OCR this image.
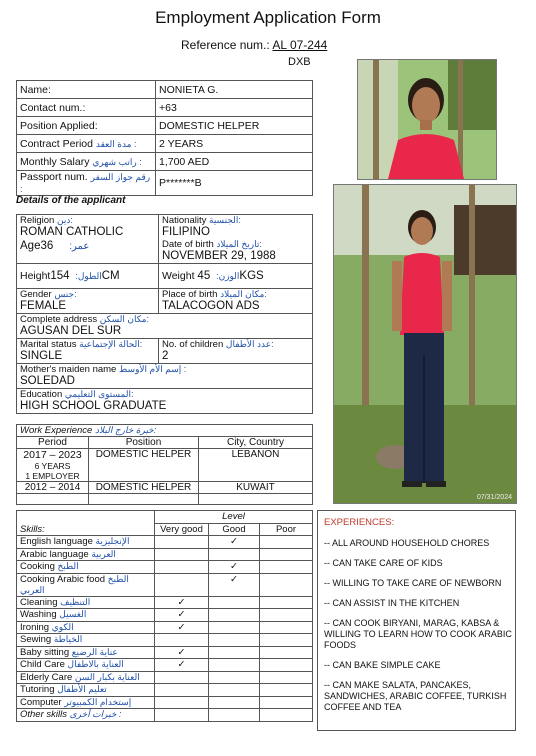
Employment Application Form
Reference num.: AL 07-244
DXB
Name:	NONIETA G.
Contact num.:	+63
Position Applied:	DOMESTIC HELPER
Contract Period مدة العقد :	2 YEARS
Monthly Salary راتب شهري :	1,700 AED
Passport num. رقم جواز السفر :	P*******B
Details of the applicant
Religion دين:
ROMAN CATHOLIC
Age عمر:     36	Nationality الجنسية:
FILIPINO
Date of birth تاريخ الميلاد:
NOVEMBER 29, 1988

Height الطول:  154CM	Weight الوزن:  45KGS

Gender جنس:
FEMALE	Place of birth مكان الميلاد:
TALACOGON ADS

Complete address مكان السكن:
AGUSAN DEL SUR	

Marital status الحالة الإجتماعية:
SINGLE	No. of children عدد الأطفال:
2

Mother's maiden name إسم الأم الأوسط :
SOLEDAD	

Education المستوى التعليمي:
HIGH SCHOOL GRADUATE	
Work Experience خبرة خارج البلاد:		
Period	Position	City, Country

2017 – 2023
6 YEARS
1 EMPLOYER	DOMESTIC HELPER	LEBANON
2012 – 2014	DOMESTIC HELPER	KUWAIT

Skills:	Level		
	Very good	Good	Poor
English language الإنجليزية		✓	
Arabic language العربية			
Cooking الطبخ		✓	
Cooking Arabic food الطبخ العربي		✓	
Cleaning التنظيف	✓		
Washing الغسيل	✓		
Ironing الكوي	✓		
Sewing الخياطة			
Baby sitting عناية الرضيع	✓		
Child Care العناية بالاطفال	✓		
Elderly Care العناية بكبار السن			
Tutoring تعليم الأطفال			
Computer إستخدام الكمبيوتر			
Other skills خبرات أخرى :			
EXPERIENCES:
-- ALL AROUND HOUSEHOLD CHORES
-- CAN TAKE CARE OF KIDS
-- WILLING TO TAKE CARE OF NEWBORN
-- CAN ASSIST IN THE KITCHEN
-- CAN COOK BIRYANI, MARAG, KABSA & WILLING TO LEARN HOW TO COOK ARABIC FOODS
-- CAN BAKE SIMPLE CAKE
-- CAN MAKE SALATA, PANCAKES, SANDWICHES, ARABIC COFFEE, TURKISH COFFEE AND TEA
07/31/2024
